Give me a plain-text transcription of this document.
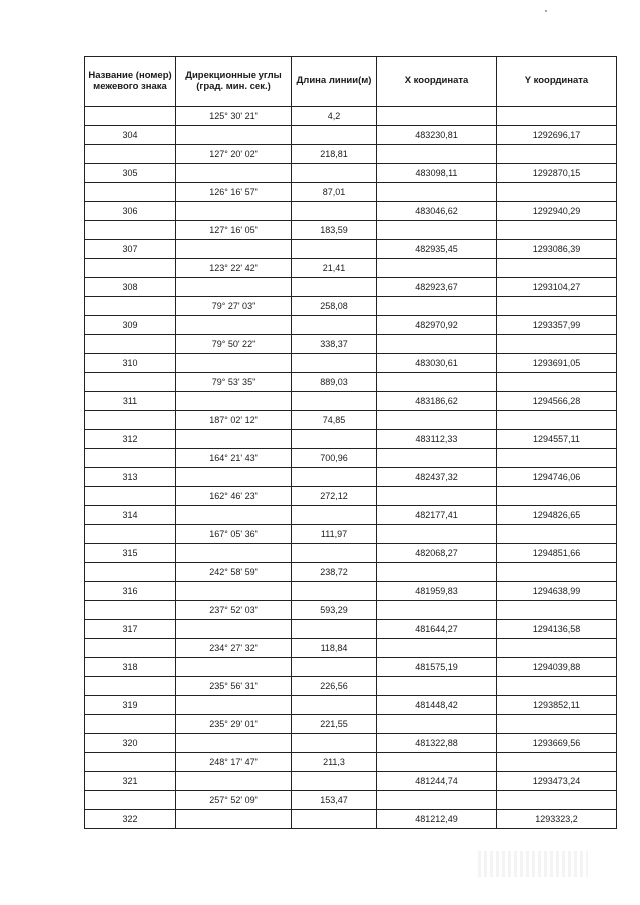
Название (номер) межевого знака	Дирекционные углы (град. мин. сек.)	Длина линии(м)	X координата	Y координата
	125° 30' 21"	4,2		
304			483230,81	1292696,17
	127° 20' 02"	218,81		
305			483098,11	1292870,15
	126° 16' 57"	87,01		
306			483046,62	1292940,29
	127° 16' 05"	183,59		
307			482935,45	1293086,39
	123° 22' 42"	21,41		
308			482923,67	1293104,27
	79° 27' 03"	258,08		
309			482970,92	1293357,99
	79° 50' 22"	338,37		
310			483030,61	1293691,05
	79° 53' 35"	889,03		
311			483186,62	1294566,28
	187° 02' 12"	74,85		
312			483112,33	1294557,11
	164° 21' 43"	700,96		
313			482437,32	1294746,06
	162° 46' 23"	272,12		
314			482177,41	1294826,65
	167° 05' 36"	111,97		
315			482068,27	1294851,66
	242° 58' 59"	238,72		
316			481959,83	1294638,99
	237° 52' 03"	593,29		
317			481644,27	1294136,58
	234° 27' 32"	118,84		
318			481575,19	1294039,88
	235° 56' 31"	226,56		
319			481448,42	1293852,11
	235° 29' 01"	221,55		
320			481322,88	1293669,56
	248° 17' 47"	211,3		
321			481244,74	1293473,24
	257° 52' 09"	153,47		
322			481212,49	1293323,2
